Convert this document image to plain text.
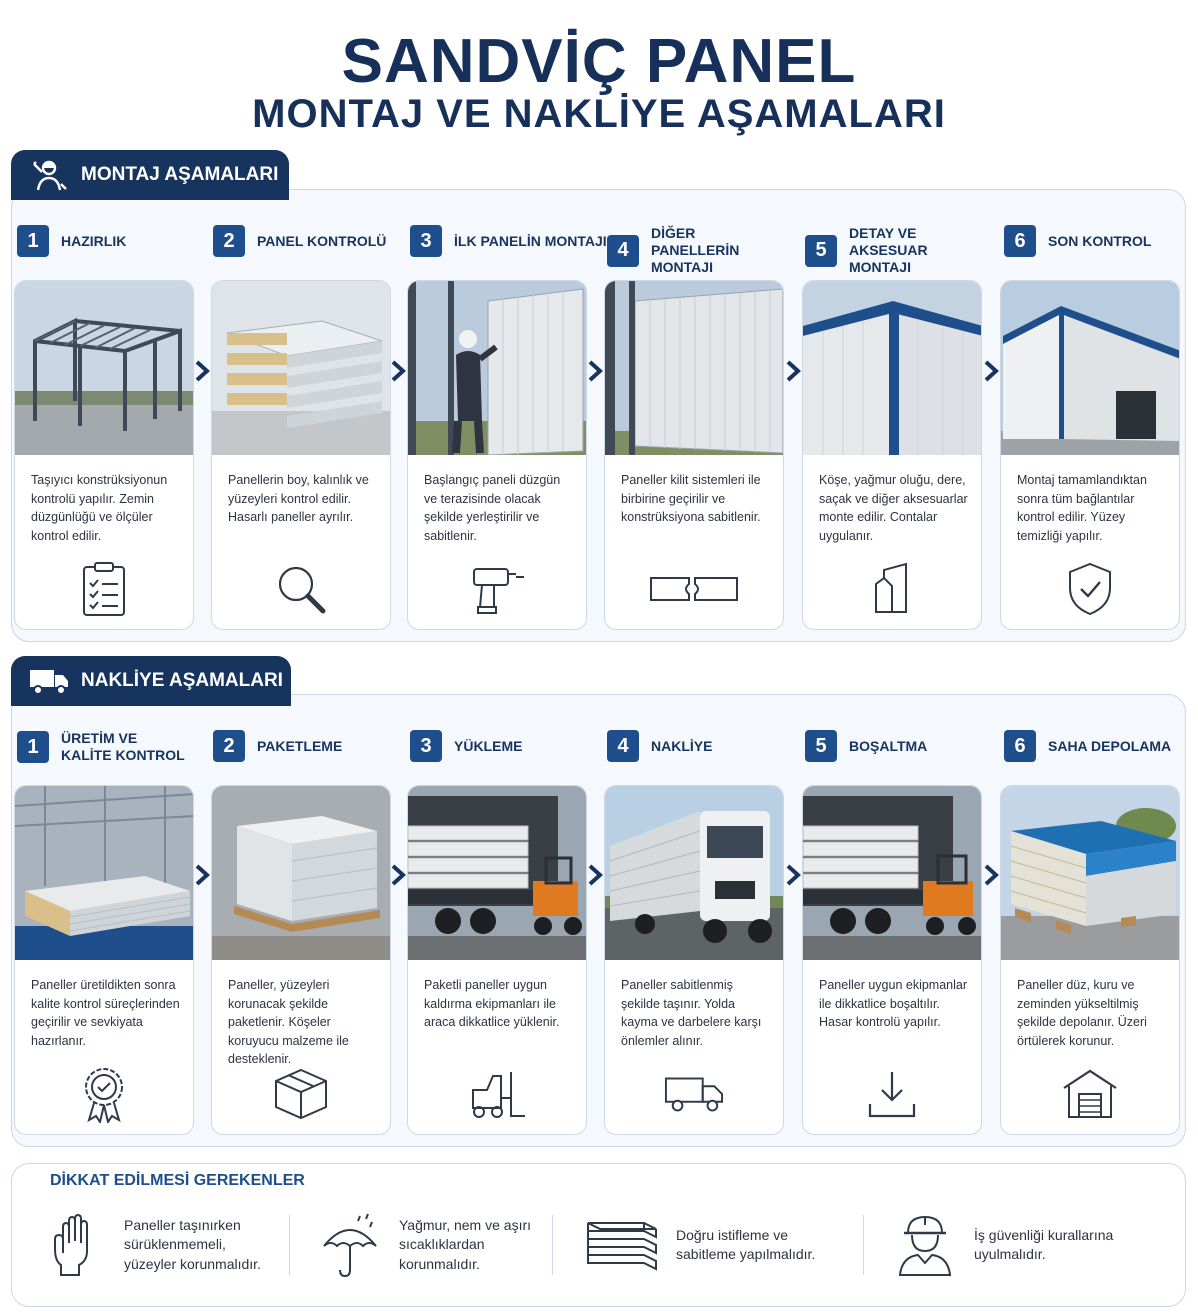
SANDVİÇ PANEL
MONTAJ VE NAKLİYE AŞAMALARI
MONTAJ AŞAMALARI
1	HAZIRLIK	2	PANEL KONTROLÜ	3	İLK PANELİN MONTAJI 4
DİĞER PANELLERİN MONTAJI
5
DETAY VE AKSESUAR MONTAJI
6	SON KONTROL
Taşıyıcı konstrüksiyonun kontrolü yapılır. Zemin düzgünlüğü ve ölçüler kontrol edilir.
Panellerin boy, kalınlık ve yüzeyleri kontrol edilir. Hasarlı paneller ayrılır.
Başlangıç paneli düzgün ve terazisinde olacak şekilde yerleştirilir ve sabitlenir.
Paneller kilit sistemleri ile birbirine geçirilir ve konstrüksiyona sabitlenir.
Köşe, yağmur oluğu, dere, saçak ve diğer aksesuarlar monte edilir. Contalar uygulanır.
Montaj tamamlandıktan sonra tüm bağlantılar kontrol edilir. Yüzey temizliği yapılır.
NAKLİYE AŞAMALARI
1	ÜRETİM VE KALİTE KONTROL	2	PAKETLEME	3	YÜKLEME	4	NAKLİYE	5	BOŞALTMA	6	SAHA DEPOLAMA
Paneller üretildikten sonra kalite kontrol süreçlerinden geçirilir ve sevkiyata hazırlanır.
Paneller, yüzeyleri korunacak şekilde paketlenir. Köşeler koruyucu malzeme ile desteklenir.
Paketli paneller uygun kaldırma ekipmanları ile araca dikkatlice yüklenir.
Paneller sabitlenmiş şekilde taşınır. Yolda kayma ve darbelere karşı önlemler alınır.
Paneller uygun ekipmanlar ile dikkatlice boşaltılır. Hasar kontrolü yapılır.
Paneller düz, kuru ve zeminden yükseltilmiş şekilde depolanır. Üzeri örtülerek korunur.
DİKKAT EDİLMESİ GEREKENLER
Paneller taşınırken sürüklenmemeli, yüzeyler korunmalıdır.
Yağmur, nem ve aşırı sıcaklıklardan korunmalıdır.
Doğru istifleme ve sabitleme yapılmalıdır.
İş güvenliği kurallarına uyulmalıdır.
